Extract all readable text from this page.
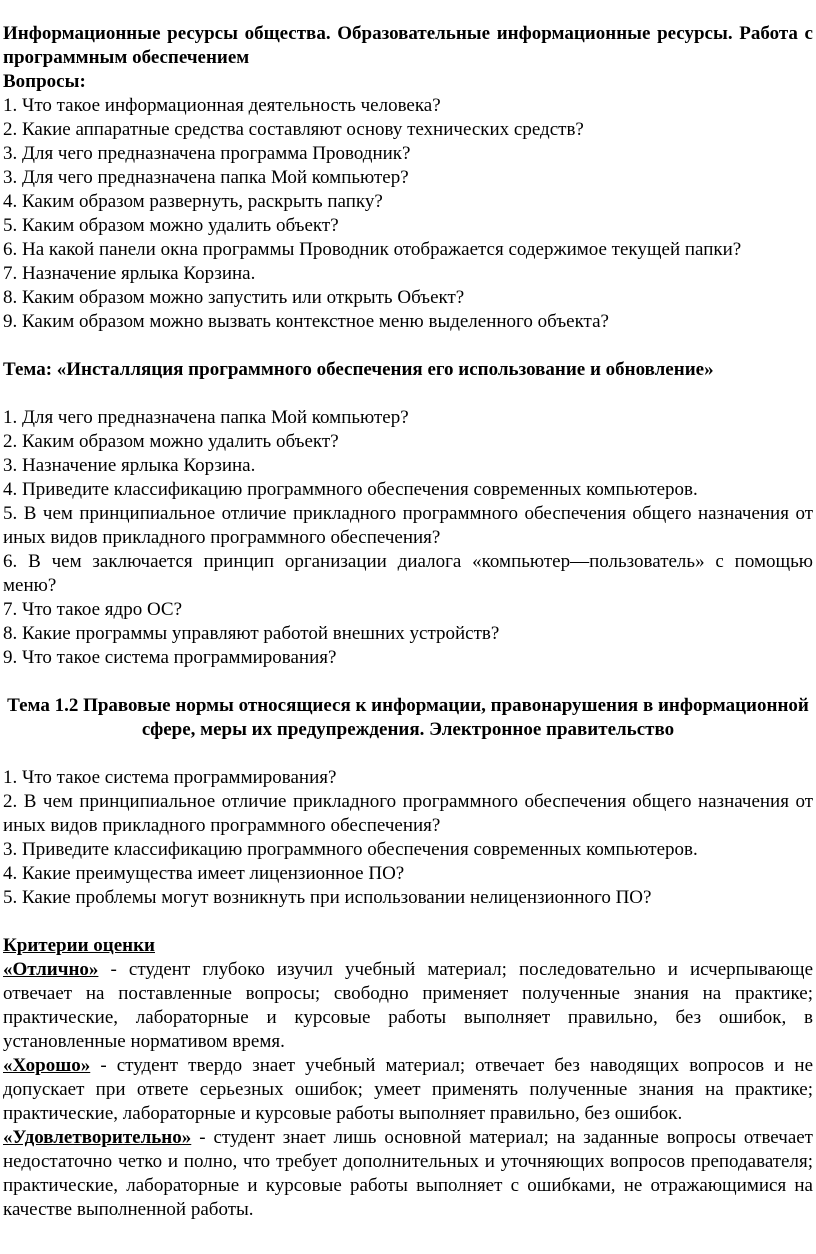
Информационные ресурсы общества. Образовательные информационные ресурсы. Работа с программным обеспечением
Вопросы:
1. Что такое информационная деятельность человека?
2. Какие аппаратные средства составляют основу технических средств?
3. Для чего предназначена программа Проводник?
3. Для чего предназначена папка Мой компьютер?
4. Каким образом развернуть, раскрыть папку?
5. Каким образом можно удалить объект?
6. На какой панели окна программы Проводник отображается содержимое текущей папки?
7. Назначение ярлыка Корзина.
8. Каким образом можно запустить или открыть Объект?
9. Каким образом можно вызвать контекстное меню выделенного объекта?
Тема: «Инсталляция программного обеспечения его использование и обновление»
1. Для чего предназначена папка Мой компьютер?
2. Каким образом можно удалить объект?
3. Назначение ярлыка Корзина.
4. Приведите классификацию программного обеспечения современных компьютеров.
5. В чем принципиальное отличие прикладного программного обеспечения общего назначения от иных видов прикладного программного обеспечения?
6. В чем заключается принцип организации диалога «компьютер—пользователь» с помощью меню?
7. Что такое ядро ОС?
8. Какие программы управляют работой внешних устройств?
9. Что такое система программирования?
Тема 1.2 Правовые нормы относящиеся к информации, правонарушения в информационной сфере, меры их предупреждения. Электронное правительство
1. Что такое система программирования?
2. В чем принципиальное отличие прикладного программного обеспечения общего назначения от иных видов прикладного программного обеспечения?
3. Приведите классификацию программного обеспечения современных компьютеров.
4. Какие преимущества имеет лицензионное ПО?
5. Какие проблемы могут возникнуть при использовании нелицензионного ПО?
Критерии оценки

«Отлично» - студент глубоко изучил учебный материал; последовательно и исчерпывающе отвечает на поставленные вопросы; свободно применяет полученные знания на практике; практические, лабораторные и курсовые работы выполняет правильно, без ошибок, в установленные нормативом время.

«Хорошо» - студент твердо знает учебный материал; отвечает без наводящих вопросов и не допускает при ответе серьезных ошибок; умеет применять полученные знания на практике; практические, лабораторные и курсовые работы выполняет правильно, без ошибок.

«Удовлетворительно» - студент знает лишь основной материал; на заданные вопросы отвечает недостаточно четко и полно, что требует дополнительных и уточняющих вопросов преподавателя; практические, лабораторные и курсовые работы выполняет с ошибками, не отражающимися на качестве выполненной работы.
